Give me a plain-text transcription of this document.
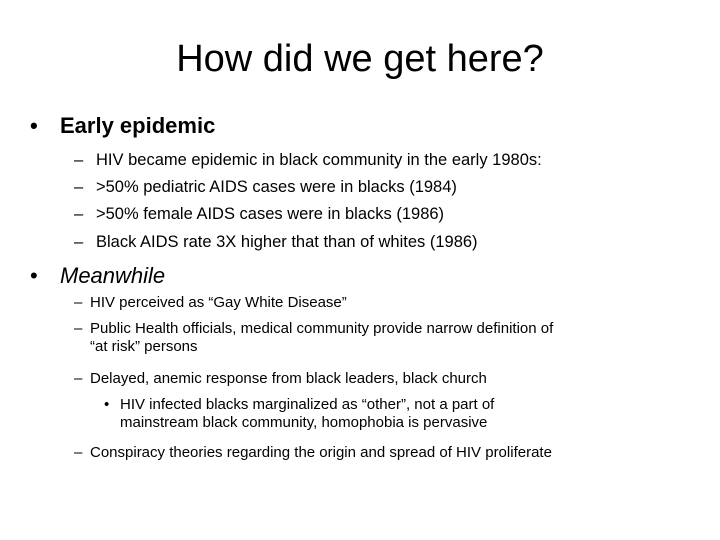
How did we get here?
•	Early epidemic
– HIV became epidemic in black community in the early 1980s:
– >50% pediatric AIDS cases were in blacks (1984)
– >50% female AIDS cases were in blacks (1986)
– Black AIDS rate 3X higher that than of whites (1986)
•	Meanwhile
– HIV perceived as “Gay White Disease”
– Public Health officials, medical community provide narrow definition of
“at risk” persons
– Delayed, anemic response from black leaders, black church
• HIV infected blacks marginalized as “other”, not a part of
mainstream black community, homophobia is pervasive
– Conspiracy theories regarding the origin and spread of HIV proliferate
